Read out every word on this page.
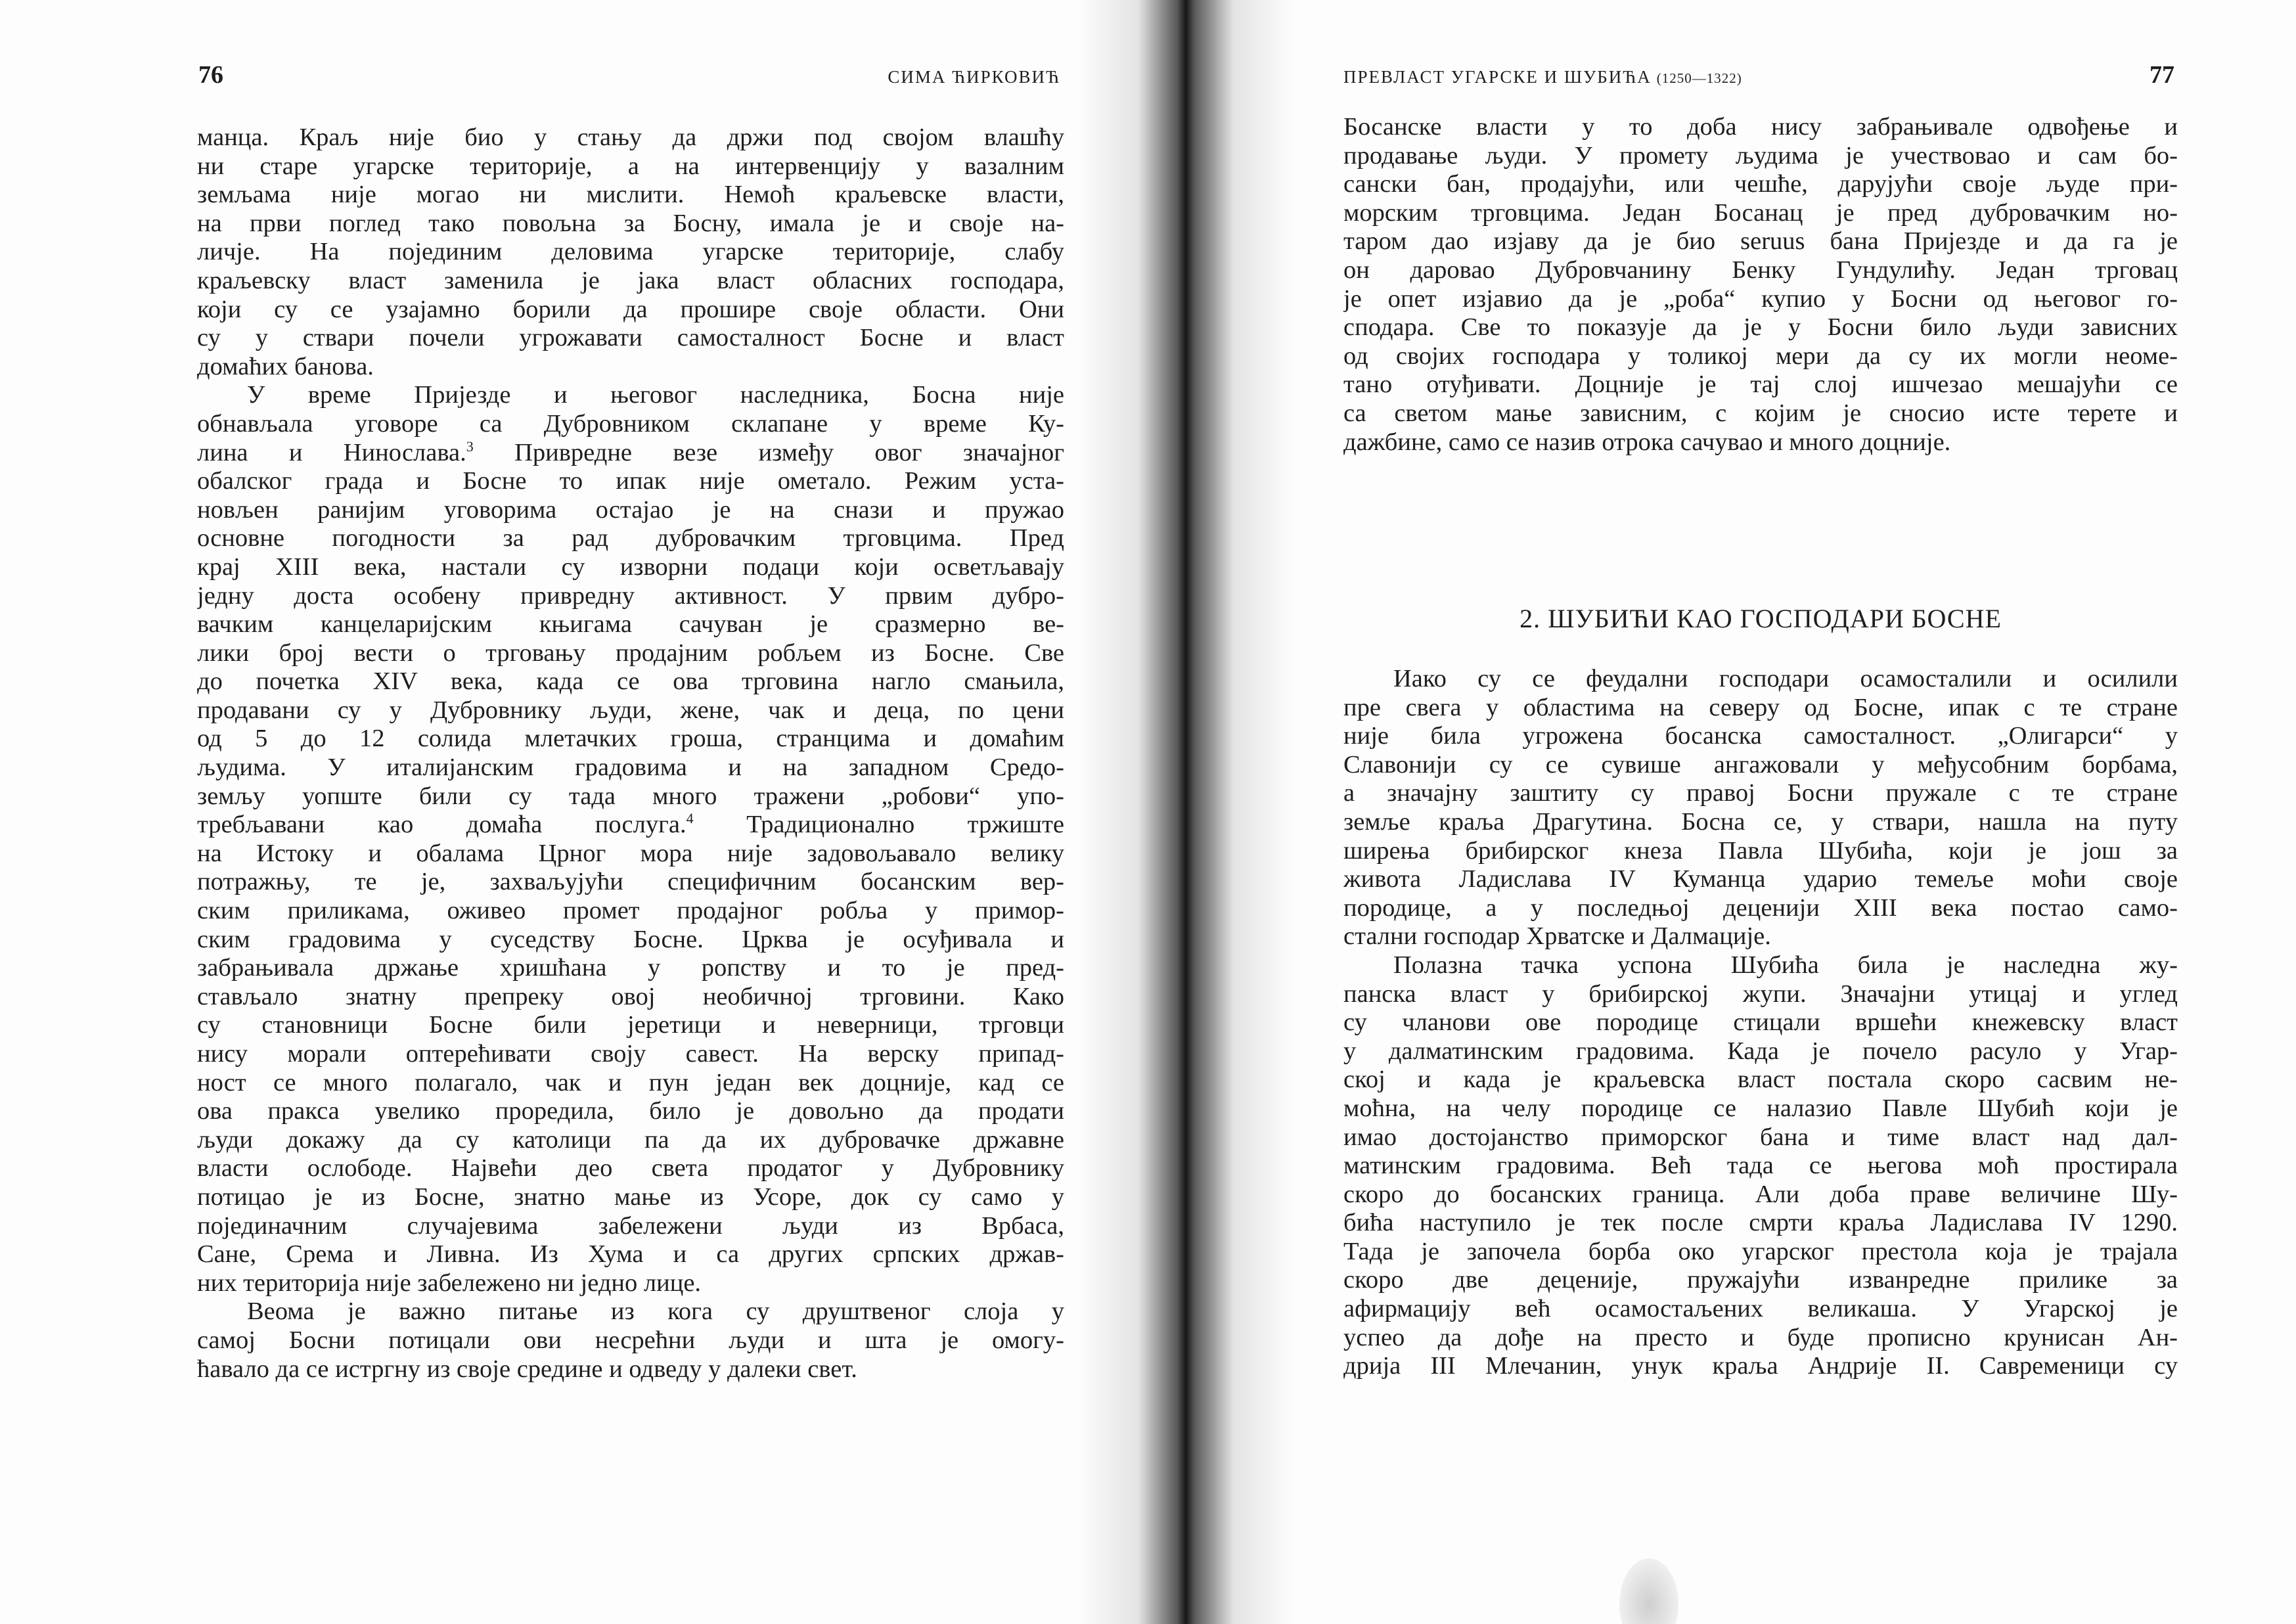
76	СИМА ЋИРКОВИЋ
манца. Краљ није био у стању да држи под својом влашћу
ни старе угарске територије, а на интервенцију у вазалним
земљама није могао ни мислити. Немоћ краљевске власти,
на први поглед тако повољна за Босну, имала је и своје на-
личје. На појединим деловима угарске територије, слабу
краљевску власт заменила је јака власт обласних господара,
који су се узајамно борили да прошире своје области. Они
су у ствари почели угрожавати самосталност Босне и власт
домаћих банова.
У време Пријезде и његовог наследника, Босна није
обнављала уговоре са Дубровником склапане у време Ку-
лина и Нинослава.$^3$ Привредне везе између овог значајног
обалског града и Босне то ипак није ометало. Режим уста-
новљен ранијим уговорима остајао је на снази и пружао
основне погодности за рад дубровачким трговцима. Пред
крај XIII века, настали су изворни подаци који осветљавају
једну доста особену привредну активност. У првим дубро-
вачким канцеларијским књигама сачуван је сразмерно ве-
лики број вести о трговању продајним робљем из Босне. Све
до почетка XIV века, када се ова трговина нагло смањила,
продавани су у Дубровнику људи, жене, чак и деца, по цени
од 5 до 12 солида млетачких гроша, странцима и домаћим
људима. У италијанским градовима и на западном Средо-
земљу уопште били су тада много тражени „робови“ упо-
требљавани као домаћа послуга.$^4$ Традиционално тржиште
на Истоку и обалама Црног мора није задовољавало велику
потражњу, те је, захваљујући специфичним босанским вер-
ским приликама, оживео промет продајног робља у примор-
ским градовима у суседству Босне. Црква је осуђивала и
забрањивала држање хришћана у ропству и то је пред-
стављало знатну препреку овој необичној трговини. Како
су становници Босне били јеретици и неверници, трговци
нису морали оптерећивати своју савест. На верску припад-
ност се много полагало, чак и пун један век доцније, кад се
ова пракса увелико проредила, било је довољно да продати
људи докажу да су католици па да их дубровачке државне
власти ослободе. Највећи део света продатог у Дубровнику
потицао је из Босне, знатно мање из Усоре, док су само у
појединачним случајевима забележени људи из Врбаса,
Сане, Срема и Ливна. Из Хума и са других српских држав-
них територија није забележено ни једно лице.
Веома је важно питање из кога су друштвеног слоја у
самој Босни потицали ови несрећни људи и шта је омогу-
ћавало да се истргну из своје средине и одведу у далеки свет.
ПРЕВЛАСТ УГАРСКЕ И ШУБИЋА (1250—1322)	77
Босанске власти у то доба нису забрањивале одвођење и
продавање људи. У промету људима је учествовао и сам бо-
сански бан, продајући, или чешће, дарујући своје људе при-
морским трговцима. Један Босанац је пред дубровачким но-
таром дао изјаву да је био seruus бана Пријезде и да га је
он даровао Дубровчанину Бенку Гундулићу. Један трговац
је опет изјавио да је „роба“ купио у Босни од његовог го-
сподара. Све то показује да је у Босни било људи зависних
од својих господара у толикој мери да су их могли неоме-
тано отуђивати. Доцније је тај слој ишчезао мешајући се
са светом мање зависним, с којим је сносио исте терете и
дажбине, само се назив отрока сачувао и много доцније.
2. ШУБИЋИ КАО ГОСПОДАРИ БОСНЕ
Иако су се феудални господари осамосталили и осилили
пре свега у областима на северу од Босне, ипак с те стране
није била угрожена босанска самосталност. „Олигарси“ у
Славонији су се сувише ангажовали у међусобним борбама,
а значајну заштиту су правој Босни пружале с те стране
земље краља Драгутина. Босна се, у ствари, нашла на путу
ширења брибирског кнеза Павла Шубића, који је још за
живота Ладислава IV Куманца ударио темеље моћи своје
породице, а у последњој деценији XIII века постао само-
стални господар Хрватске и Далмације.
Полазна тачка успона Шубића била је наследна жу-
панска власт у брибирској жупи. Значајни утицај и углед
су чланови ове породице стицали вршећи кнежевску власт
у далматинским градовима. Када је почело расуло у Угар-
ској и када је краљевска власт постала скоро сасвим не-
моћна, на челу породице се налазио Павле Шубић који је
имао достојанство приморског бана и тиме власт над дал-
матинским градовима. Већ тада се његова моћ простирала
скоро до босанских граница. Али доба праве величине Шу-
бића наступило је тек после смрти краља Ладислава IV 1290.
Тада је започела борба око угарског престола која је трајала
скоро две деценије, пружајући изванредне прилике за
афирмацију већ осамостаљених великаша. У Угарској је
успео да дође на престо и буде прописно крунисан Ан-
дрија III Млечанин, унук краља Андрије II. Савременици су
